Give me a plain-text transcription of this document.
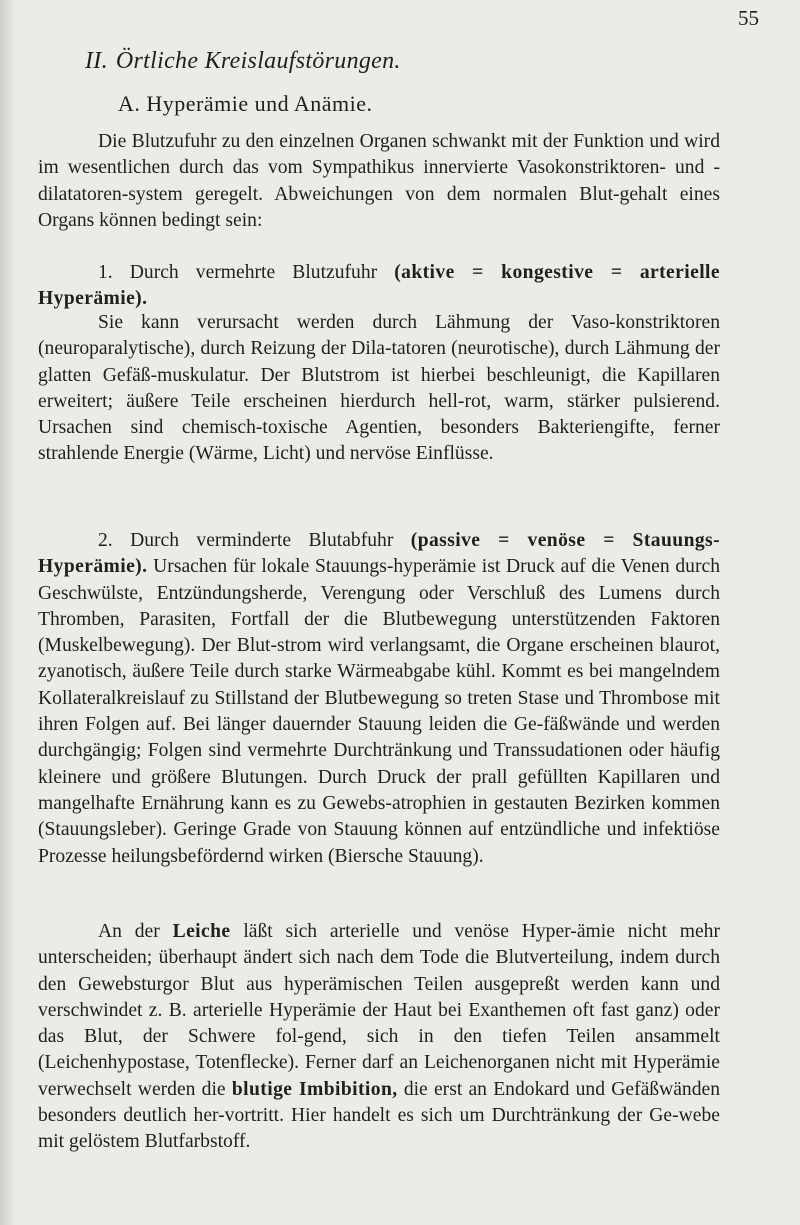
55
II. Örtliche Kreislaufstörungen.
A. Hyperämie und Anämie.

Die Blutzufuhr zu den einzelnen Organen schwankt mit der Funktion und wird im wesentlichen durch das vom Sympathikus innervierte Vasokonstriktoren- und -dilatatoren-system geregelt. Abweichungen von dem normalen Blut-gehalt eines Organs können bedingt sein:

1. Durch vermehrte Blutzufuhr (aktive = kongestive = arterielle Hyperämie).

Sie kann verursacht werden durch Lähmung der Vaso-konstriktoren (neuroparalytische), durch Reizung der Dila-tatoren (neurotische), durch Lähmung der glatten Gefäß-muskulatur. Der Blutstrom ist hierbei beschleunigt, die Kapillaren erweitert; äußere Teile erscheinen hierdurch hell-rot, warm, stärker pulsierend. Ursachen sind chemisch-toxische Agentien, besonders Bakteriengifte, ferner strahlende Energie (Wärme, Licht) und nervöse Einflüsse.

2. Durch verminderte Blutabfuhr (passive = venöse = Stauungs-Hyperämie). Ursachen für lokale Stauungs-hyperämie ist Druck auf die Venen durch Geschwülste, Entzündungsherde, Verengung oder Verschluß des Lumens durch Thromben, Parasiten, Fortfall der die Blutbewegung unterstützenden Faktoren (Muskelbewegung). Der Blut-strom wird verlangsamt, die Organe erscheinen blaurot, zyanotisch, äußere Teile durch starke Wärmeabgabe kühl. Kommt es bei mangelndem Kollateralkreislauf zu Stillstand der Blutbewegung so treten Stase und Thrombose mit ihren Folgen auf. Bei länger dauernder Stauung leiden die Ge-fäßwände und werden durchgängig; Folgen sind vermehrte Durchtränkung und Transsudationen oder häufig kleinere und größere Blutungen. Durch Druck der prall gefüllten Kapillaren und mangelhafte Ernährung kann es zu Gewebs-atrophien in gestauten Bezirken kommen (Stauungsleber). Geringe Grade von Stauung können auf entzündliche und infektiöse Prozesse heilungsbefördernd wirken (Biersche Stauung).

An der Leiche läßt sich arterielle und venöse Hyper-ämie nicht mehr unterscheiden; überhaupt ändert sich nach dem Tode die Blutverteilung, indem durch den Gewebsturgor Blut aus hyperämischen Teilen ausgepreßt werden kann und verschwindet z. B. arterielle Hyperämie der Haut bei Exanthemen oft fast ganz) oder das Blut, der Schwere fol-gend, sich in den tiefen Teilen ansammelt (Leichenhypostase, Totenflecke). Ferner darf an Leichenorganen nicht mit Hyperämie verwechselt werden die blutige Imbibition, die erst an Endokard und Gefäßwänden besonders deutlich her-vortritt. Hier handelt es sich um Durchtränkung der Ge-webe mit gelöstem Blutfarbstoff.
